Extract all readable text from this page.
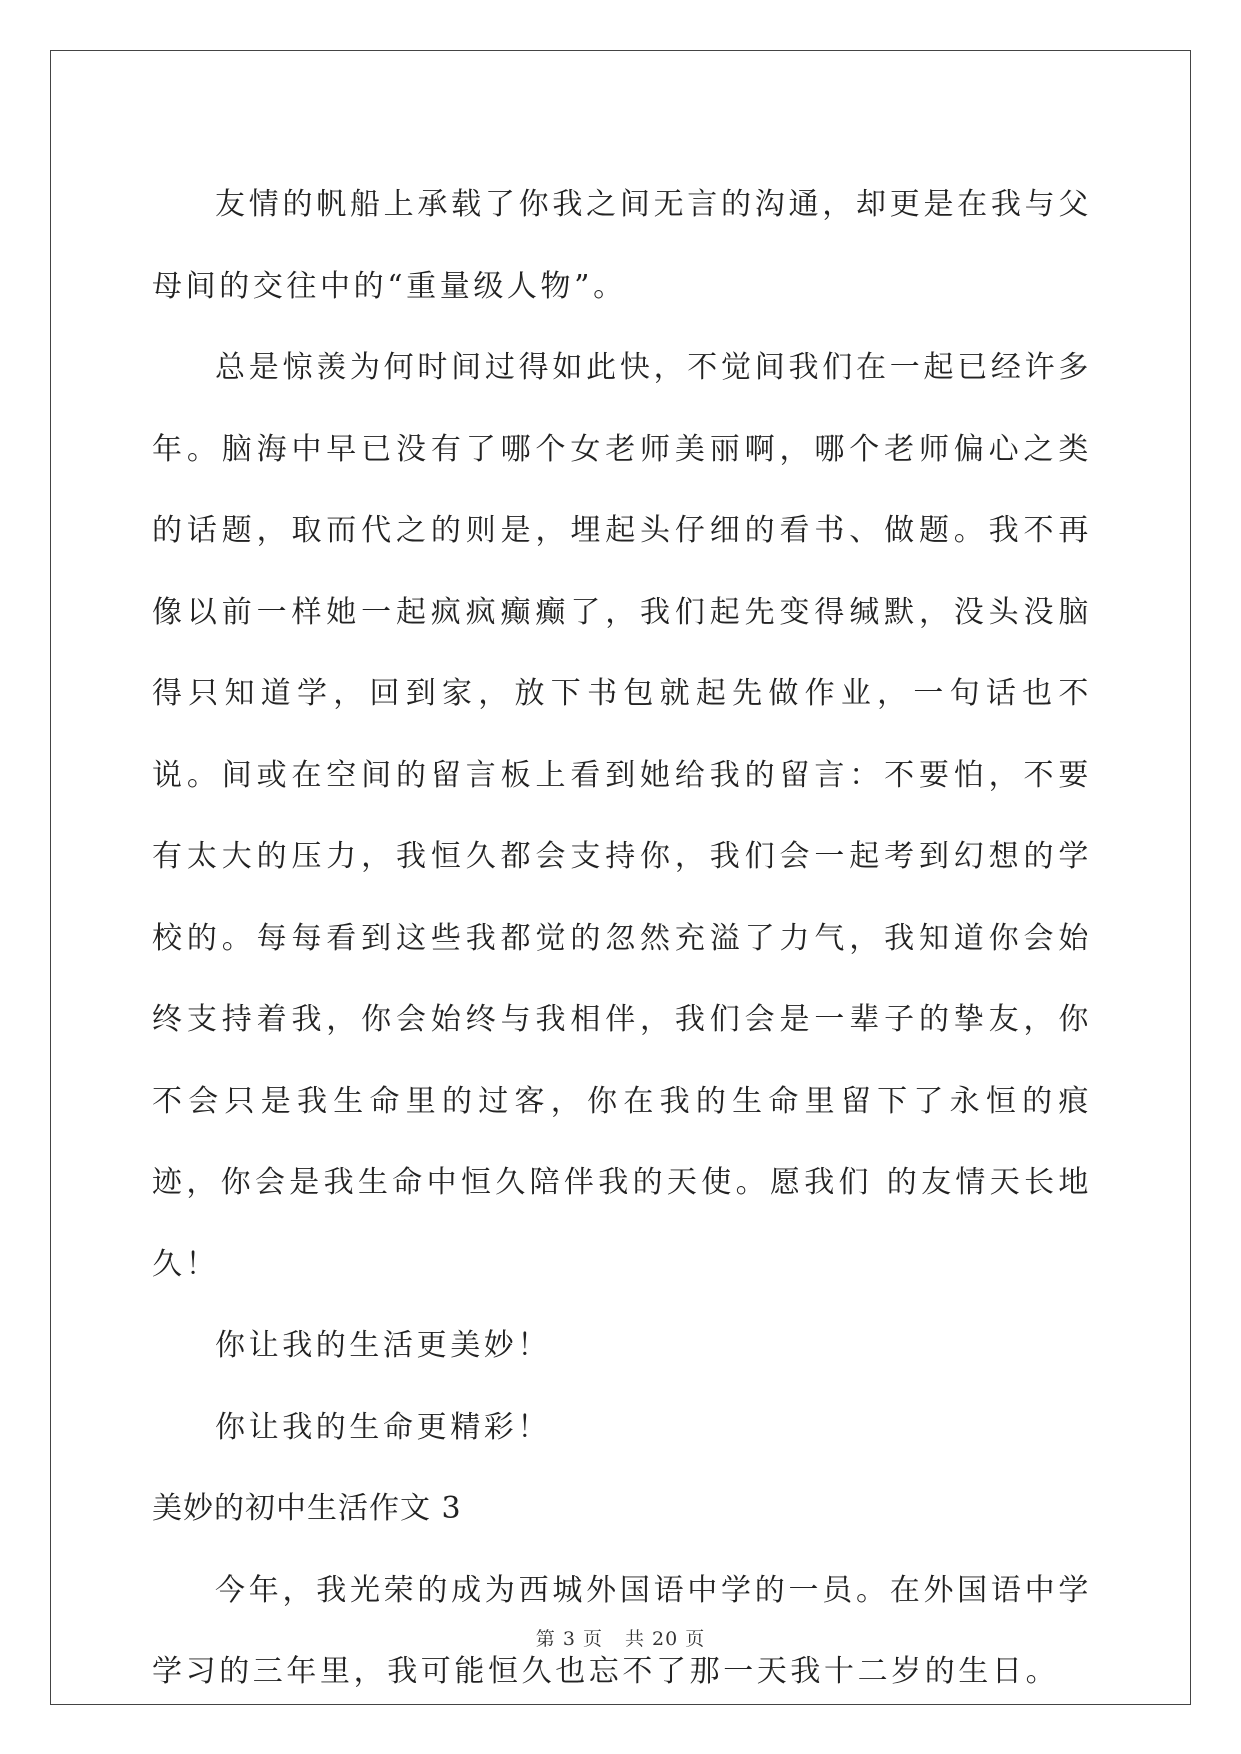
友情的帆船上承载了你我之间无言的沟通，却更是在我与父母间的交往中的“重量级人物”。

总是惊羡为何时间过得如此快，不觉间我们在一起已经许多年。脑海中早已没有了哪个女老师美丽啊，哪个老师偏心之类的话题，取而代之的则是，埋起头仔细的看书、做题。我不再像以前一样她一起疯疯癫癫了，我们起先变得缄默，没头没脑得只知道学，回到家，放下书包就起先做作业，一句话也不说。间或在空间的留言板上看到她给我的留言：不要怕，不要有太大的压力，我恒久都会支持你，我们会一起考到幻想的学校的。每每看到这些我都觉的忽然充溢了力气，我知道你会始终支持着我，你会始终与我相伴，我们会是一辈子的挚友，你不会只是我生命里的过客，你在我的生命里留下了永恒的痕迹，你会是我生命中恒久陪伴我的天使。愿我们 的友情天长地久！

你让我的生活更美妙！

你让我的生命更精彩！

美妙的初中生活作文 3

今年，我光荣的成为西城外国语中学的一员。在外国语中学学习的三年里，我可能恒久也忘不了那一天我十二岁的生日。

第 3 页 共 20 页
